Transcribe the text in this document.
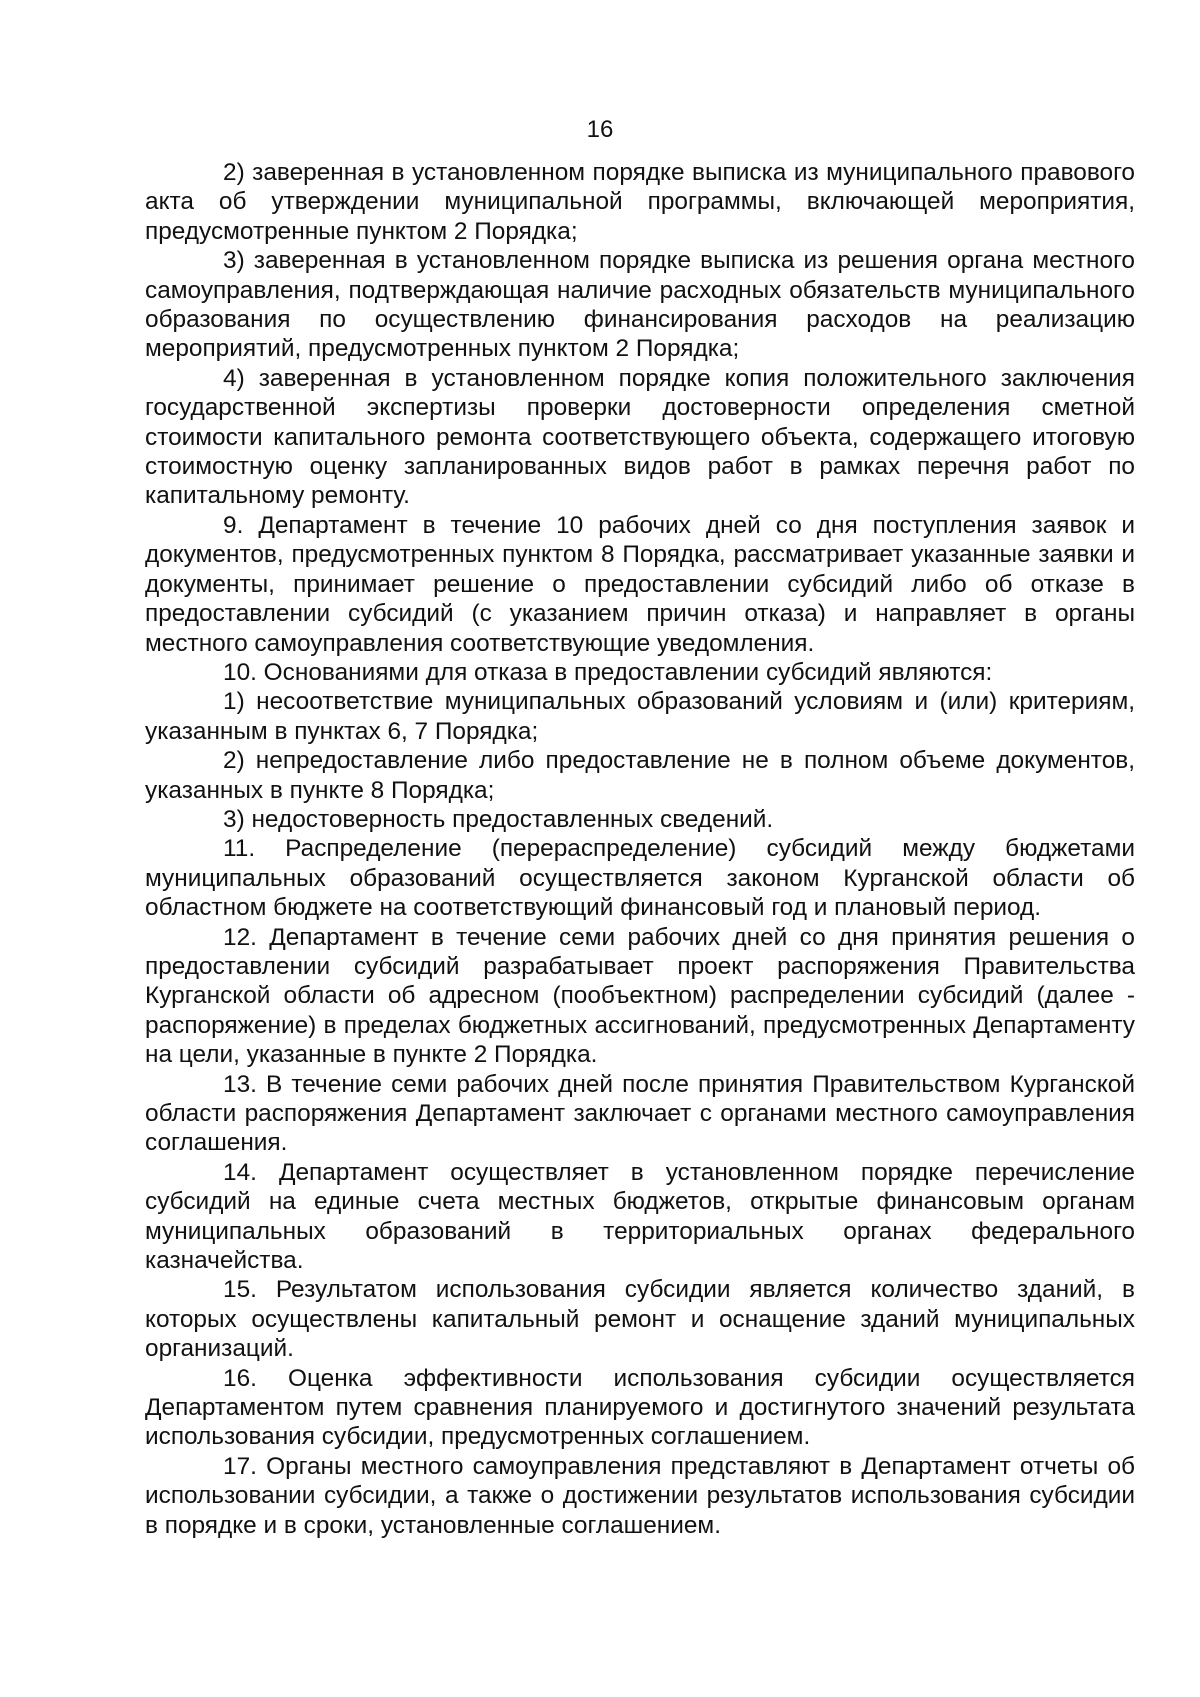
16

2) заверенная в установленном порядке выписка из муниципального правового акта об утверждении муниципальной программы, включающей мероприятия, предусмотренные пунктом 2 Порядка;

3) заверенная в установленном порядке выписка из решения органа местного самоуправления, подтверждающая наличие расходных обязательств муниципального образования по осуществлению финансирования расходов на реализацию мероприятий, предусмотренных пунктом 2 Порядка;

4) заверенная в установленном порядке копия положительного заключения государственной экспертизы проверки достоверности определения сметной стоимости капитального ремонта соответствующего объекта, содержащего итоговую стоимостную оценку запланированных видов работ в рамках перечня работ по капитальному ремонту.

9. Департамент в течение 10 рабочих дней со дня поступления заявок и документов, предусмотренных пунктом 8 Порядка, рассматривает указанные заявки и документы, принимает решение о предоставлении субсидий либо об отказе в предоставлении субсидий (с указанием причин отказа) и направляет в органы местного самоуправления соответствующие уведомления.

10. Основаниями для отказа в предоставлении субсидий являются:

1) несоответствие муниципальных образований условиям и (или) критериям, указанным в пунктах 6, 7 Порядка;

2) непредоставление либо предоставление не в полном объеме документов, указанных в пункте 8 Порядка;

3) недостоверность предоставленных сведений.

11. Распределение (перераспределение) субсидий между бюджетами муниципальных образований осуществляется законом Курганской области об областном бюджете на соответствующий финансовый год и плановый период.

12. Департамент в течение семи рабочих дней со дня принятия решения о предоставлении субсидий разрабатывает проект распоряжения Правительства Курганской области об адресном (пообъектном) распределении субсидий (далее - распоряжение) в пределах бюджетных ассигнований, предусмотренных Департаменту на цели, указанные в пункте 2 Порядка.

13. В течение семи рабочих дней после принятия Правительством Курганской области распоряжения Департамент заключает с органами местного самоуправления соглашения.

14. Департамент осуществляет в установленном порядке перечисление субсидий на единые счета местных бюджетов, открытые финансовым органам муниципальных образований в территориальных органах федерального казначейства.

15. Результатом использования субсидии является количество зданий, в которых осуществлены капитальный ремонт и оснащение зданий муниципальных организаций.

16. Оценка эффективности использования субсидии осуществляется Департаментом путем сравнения планируемого и достигнутого значений результата использования субсидии, предусмотренных соглашением.

17. Органы местного самоуправления представляют в Департамент отчеты об использовании субсидии, а также о достижении результатов использования субсидии в порядке и в сроки, установленные соглашением.
